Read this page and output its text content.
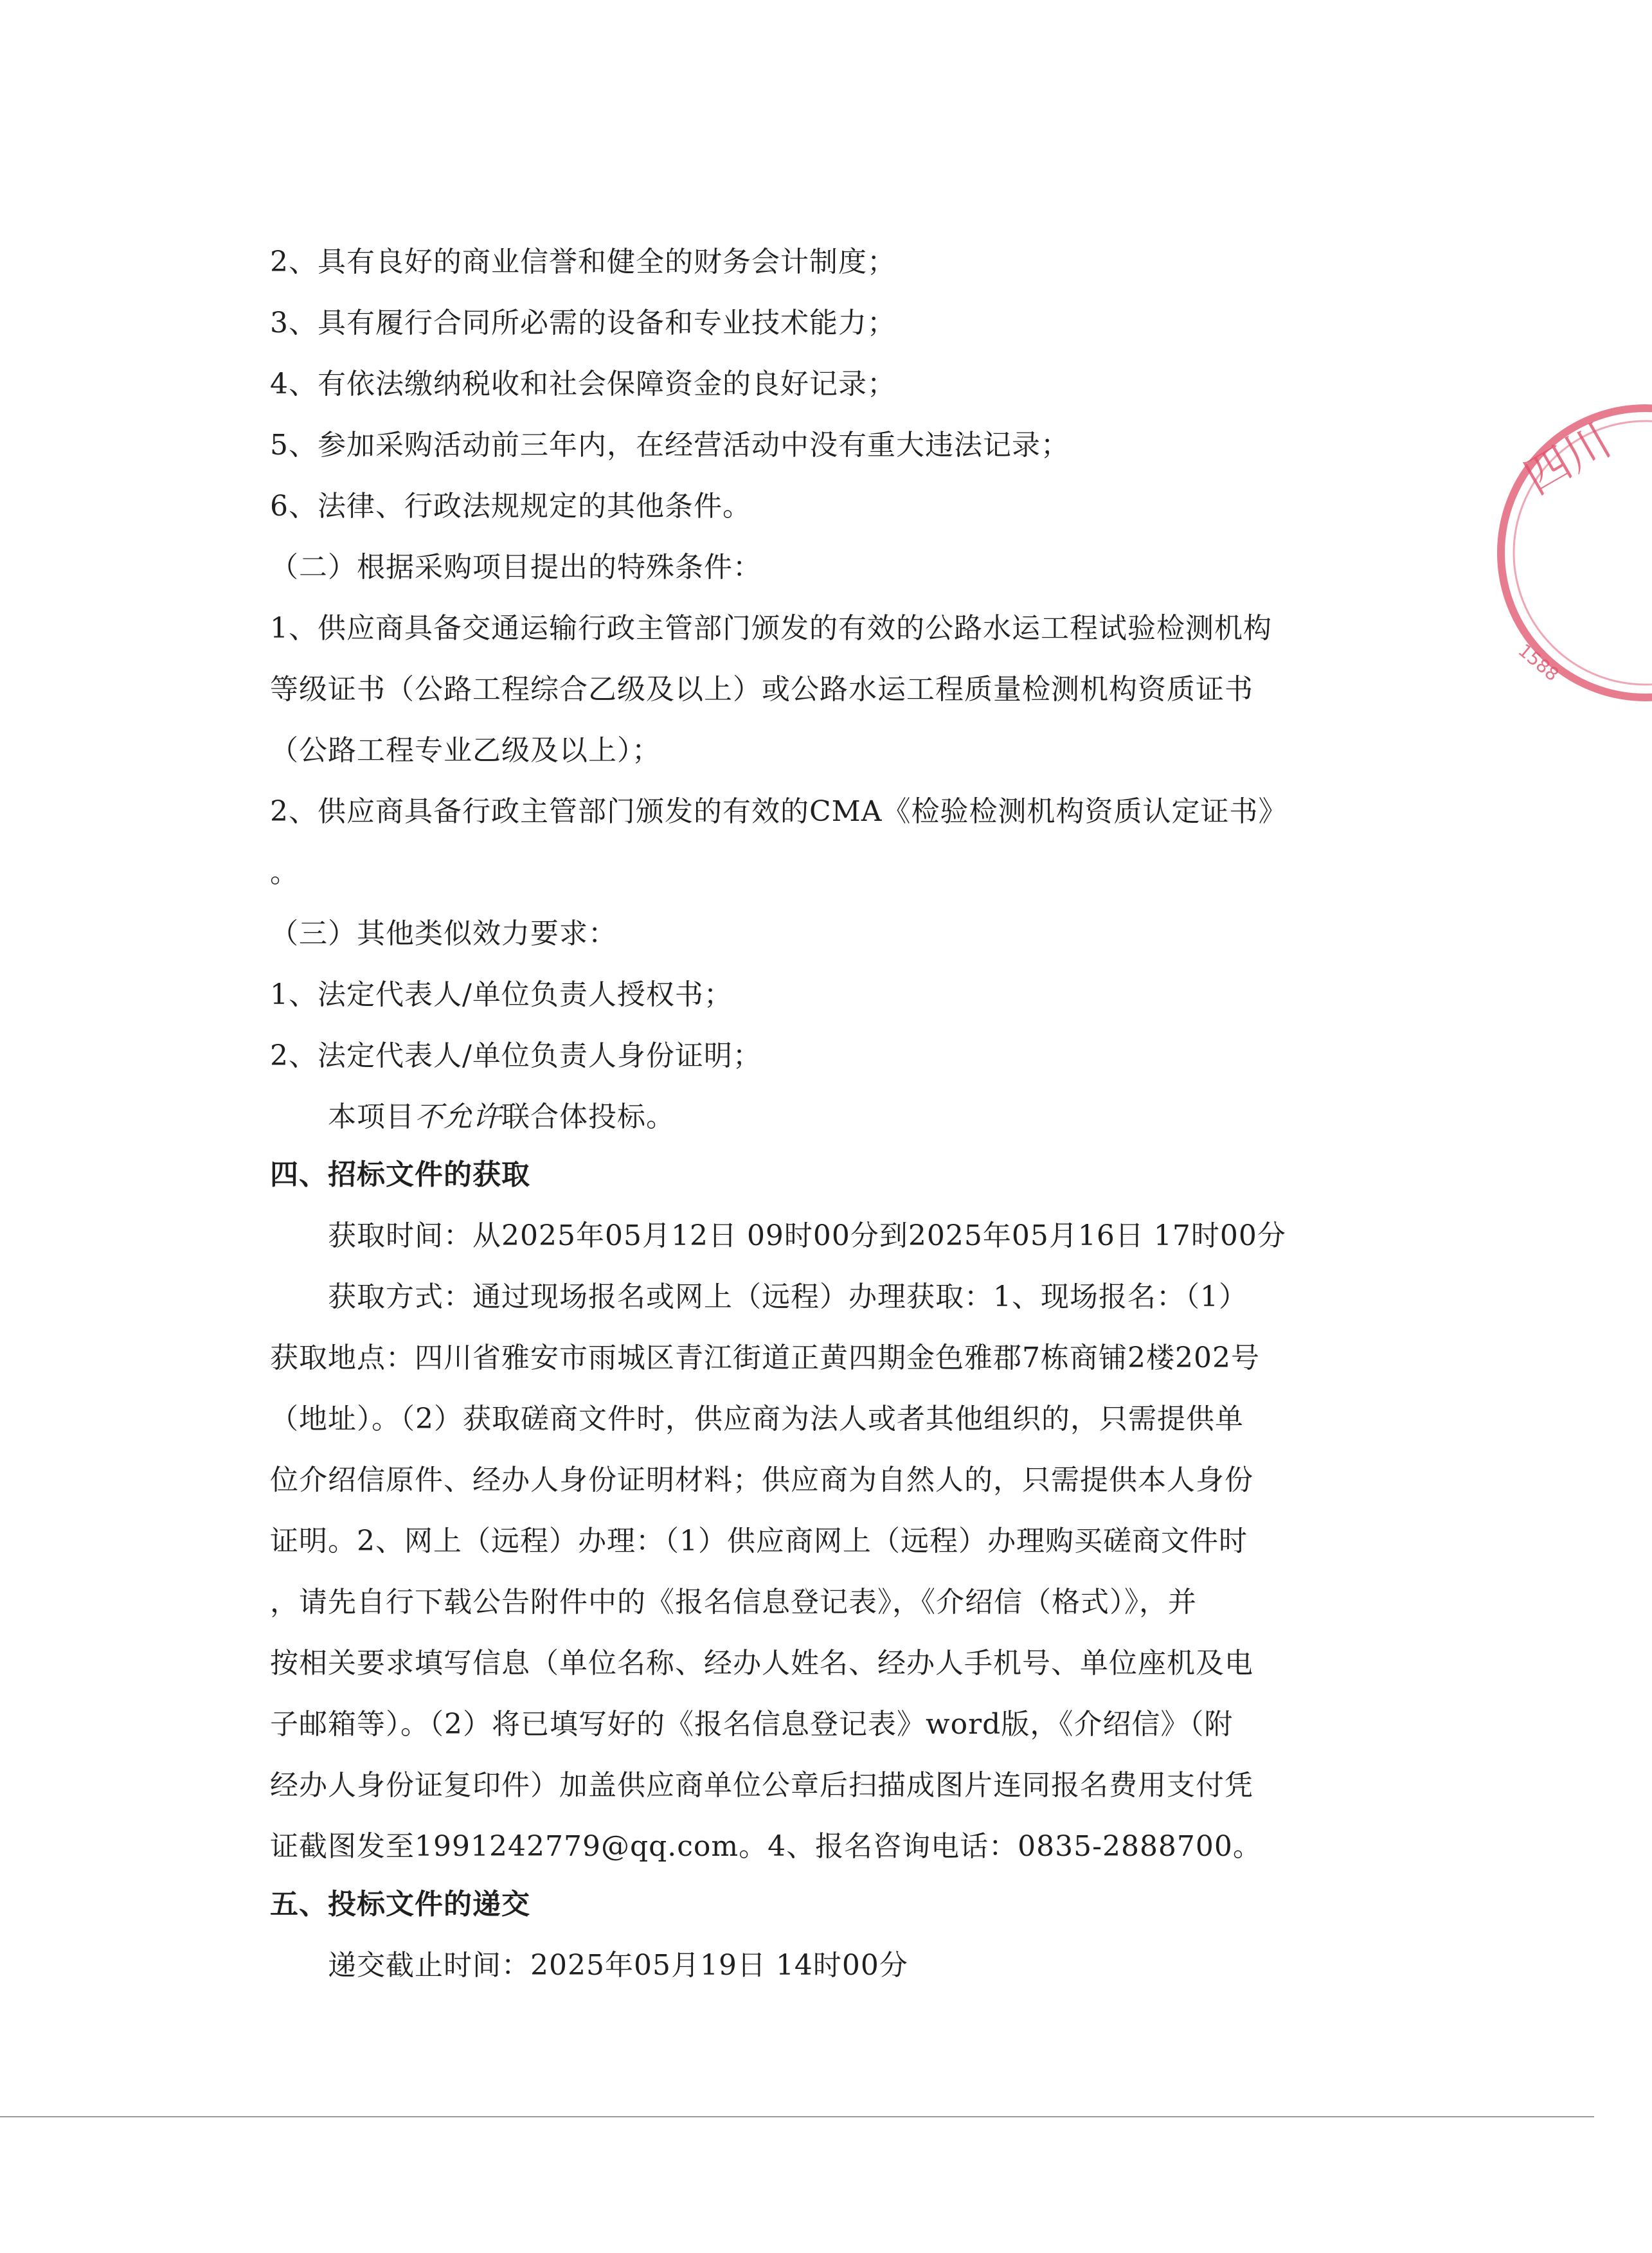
2、具有良好的商业信誉和健全的财务会计制度；
3、具有履行合同所必需的设备和专业技术能力；
4、有依法缴纳税收和社会保障资金的良好记录；
5、参加采购活动前三年内，在经营活动中没有重大违法记录；
6、法律、行政法规规定的其他条件。
（二）根据采购项目提出的特殊条件：
1、供应商具备交通运输行政主管部门颁发的有效的公路水运工程试验检测机构
等级证书（公路工程综合乙级及以上）或公路水运工程质量检测机构资质证书
（公路工程专业乙级及以上）；
2、供应商具备行政主管部门颁发的有效的CMA《检验检测机构资质认定证书》
。
（三）其他类似效力要求：
1、法定代表人/单位负责人授权书；
2、法定代表人/单位负责人身份证明；
本项目不允许联合体投标。
四、招标文件的获取
获取时间：从2025年05月12日 09时00分到2025年05月16日 17时00分
获取方式：通过现场报名或网上（远程）办理获取：1、现场报名：（1）
获取地点：四川省雅安市雨城区青江街道正黄四期金色雅郡7栋商铺2楼202号
（地址）。（2）获取磋商文件时，供应商为法人或者其他组织的，只需提供单
位介绍信原件、经办人身份证明材料；供应商为自然人的，只需提供本人身份
证明。2、网上（远程）办理：（1）供应商网上（远程）办理购买磋商文件时
，请先自行下载公告附件中的《报名信息登记表》，《介绍信（格式）》，并
按相关要求填写信息（单位名称、经办人姓名、经办人手机号、单位座机及电
子邮箱等）。（2）将已填写好的《报名信息登记表》word版，《介绍信》（附
经办人身份证复印件）加盖供应商单位公章后扫描成图片连同报名费用支付凭
证截图发至1991242779@qq.com。4、报名咨询电话：0835-2888700。
五、投标文件的递交
递交截止时间：2025年05月19日 14时00分
四川
1588
